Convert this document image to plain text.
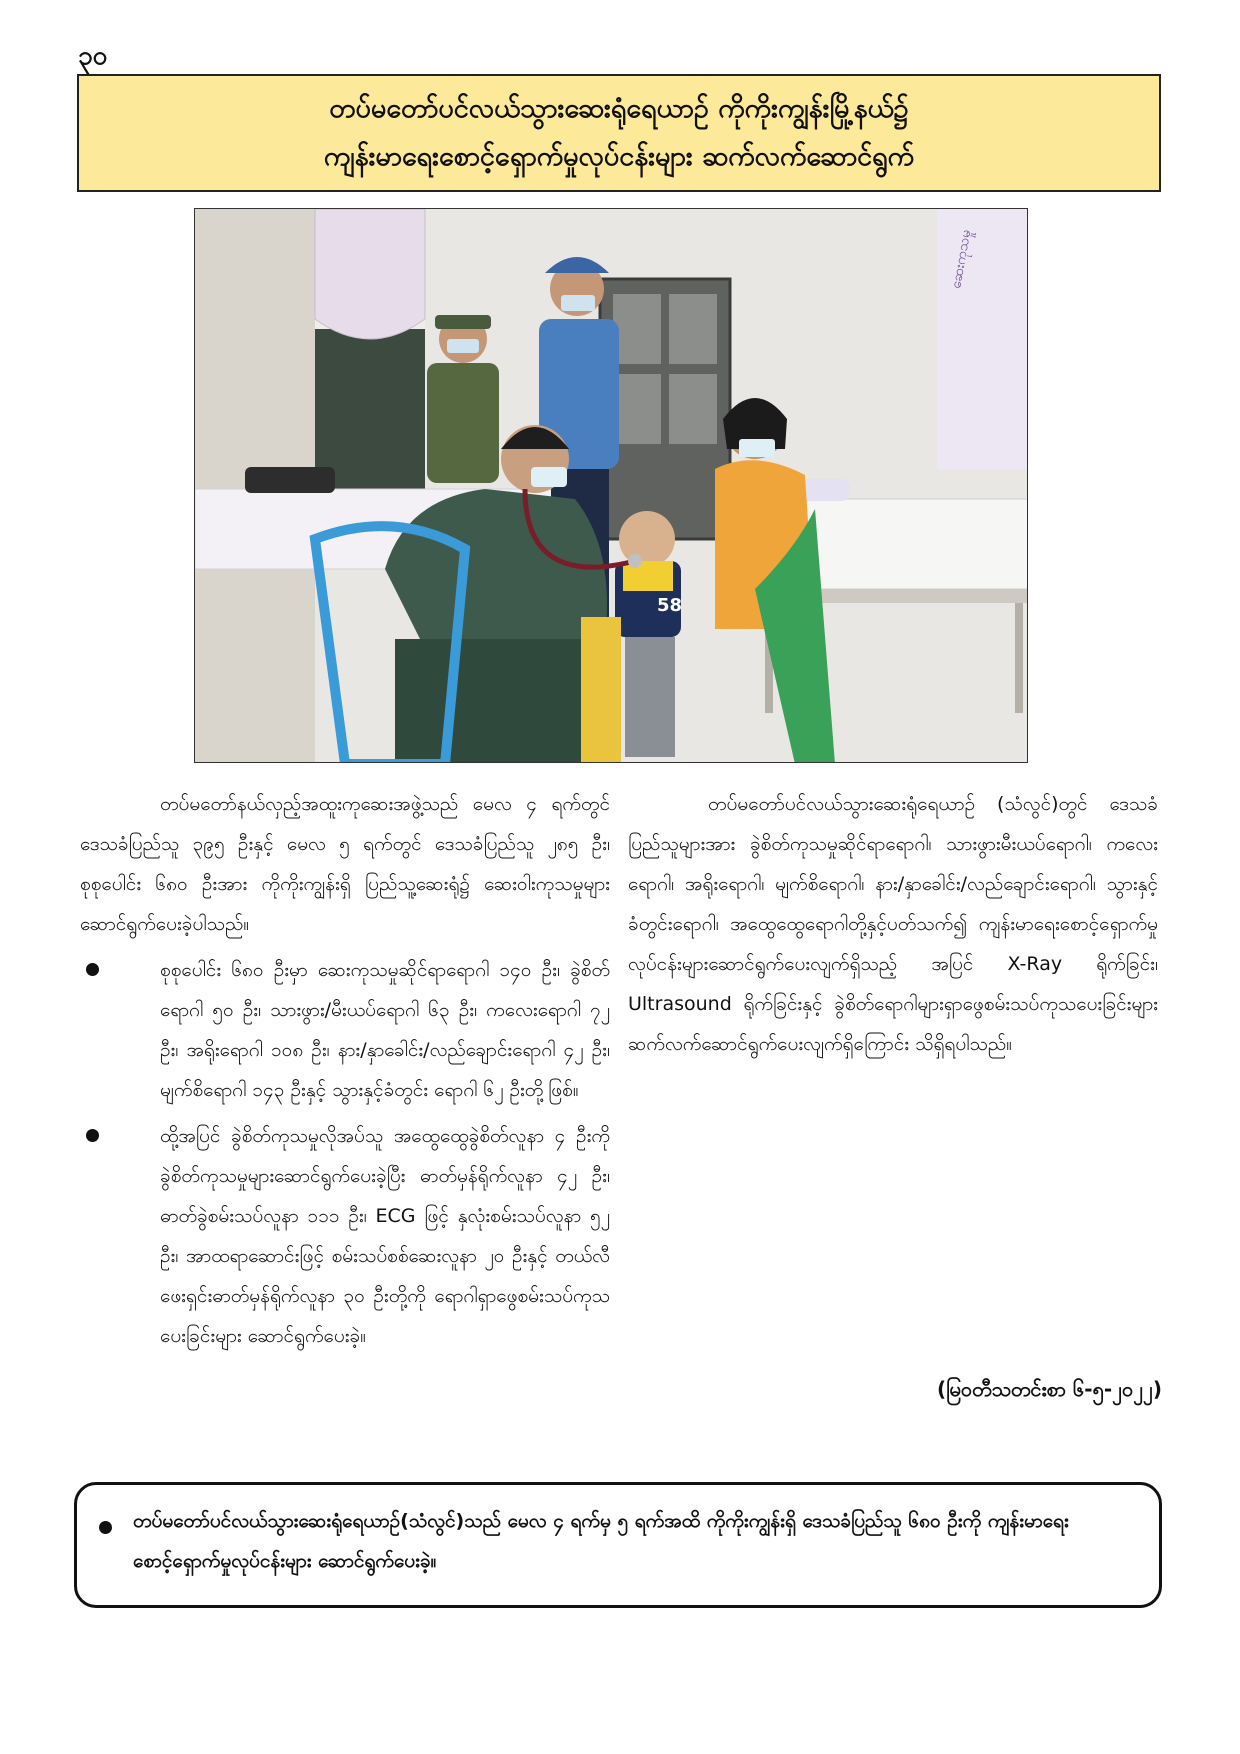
၃၀
တပ်မတော်ပင်လယ်သွားဆေးရုံရေယာဉ် ကိုကိုးကျွန်းမြို့နယ်၌
ကျန်းမာရေးစောင့်ရှောက်မှုလုပ်ငန်းများ ဆက်လက်ဆောင်ရွက်
ဆေးကုသမှု
58

တပ်မတော်နယ်လှည့်အထူးကုဆေးအဖွဲ့သည် မေလ ၄ ရက်တွင် ဒေသခံပြည်သူ ၃၉၅ ဦးနှင့် မေလ ၅ ရက်တွင် ဒေသခံပြည်သူ ၂၈၅ ဦး၊ စုစုပေါင်း ၆၈၀ ဦးအား ကိုကိုးကျွန်းရှိ ပြည်သူ့ဆေးရုံ၌ ဆေးဝါးကုသမှုများဆောင်ရွက်ပေးခဲ့ပါသည်။

စုစုပေါင်း ၆၈၀ ဦးမှာ ဆေးကုသမှုဆိုင်ရာရောဂါ ၁၄၀ ဦး၊ ခွဲစိတ်ရောဂါ ၅၀ ဦး၊ သားဖွား/မီးယပ်ရောဂါ ၆၃ ဦး၊ ကလေးရောဂါ ၇၂ ဦး၊ အရိုးရောဂါ ၁၀၈ ဦး၊ နား/နှာခေါင်း/လည်ချောင်းရောဂါ ၄၂ ဦး၊ မျက်စိရောဂါ ၁၄၃ ဦးနှင့် သွားနှင့်ခံတွင်း ရောဂါ ၆၂ ဦးတို့ဖြစ်။
ထို့အပြင် ခွဲစိတ်ကုသမှုလိုအပ်သူ အထွေထွေခွဲစိတ်လူနာ ၄ ဦးကို ခွဲစိတ်ကုသမှုများဆောင်ရွက်ပေးခဲ့ပြီး ဓာတ်မှန်ရိုက်လူနာ ၄၂ ဦး၊ ဓာတ်ခွဲစမ်းသပ်လူနာ ၁၁၁ ဦး၊ ECG ဖြင့် နှလုံးစမ်းသပ်လူနာ ၅၂ ဦး၊ အာထရာဆောင်းဖြင့် စမ်းသပ်စစ်ဆေးလူနာ ၂၀ ဦးနှင့် တယ်လီဖေးရှင်းဓာတ်မှန်ရိုက်လူနာ ၃၀ ဦးတို့ကို ရောဂါရှာဖွေစမ်းသပ်ကုသပေးခြင်းများ ဆောင်ရွက်ပေးခဲ့။

တပ်မတော်ပင်လယ်သွားဆေးရုံရေယာဉ် (သံလွင်)တွင် ဒေသခံပြည်သူများအား ခွဲစိတ်ကုသမှုဆိုင်ရာရောဂါ၊ သားဖွားမီးယပ်ရောဂါ၊ ကလေးရောဂါ၊ အရိုးရောဂါ၊ မျက်စိရောဂါ၊ နား/နှာခေါင်း/လည်ချောင်းရောဂါ၊ သွားနှင့်ခံတွင်းရောဂါ၊ အထွေထွေရောဂါတို့နှင့်ပတ်သက်၍ ကျန်းမာရေးစောင့်ရှောက်မှု လုပ်ငန်းများဆောင်ရွက်ပေးလျက်ရှိသည့် အပြင် X-Ray ရိုက်ခြင်း၊ Ultrasound ရိုက်ခြင်းနှင့် ခွဲစိတ်ရောဂါများရှာဖွေစမ်းသပ်ကုသပေးခြင်းများ ဆက်လက်ဆောင်ရွက်ပေးလျက်ရှိကြောင်း သိရှိရပါသည်။

(မြဝတီသတင်းစာ ၆-၅-၂၀၂၂)
တပ်မတော်ပင်လယ်သွားဆေးရုံရေယာဉ်(သံလွင်)သည် မေလ ၄ ရက်မှ ၅ ရက်အထိ ကိုကိုးကျွန်းရှိ ဒေသခံပြည်သူ ၆၈၀ ဦးကို ကျန်းမာရေးစောင့်ရှောက်မှုလုပ်ငန်းများ ဆောင်ရွက်ပေးခဲ့။
